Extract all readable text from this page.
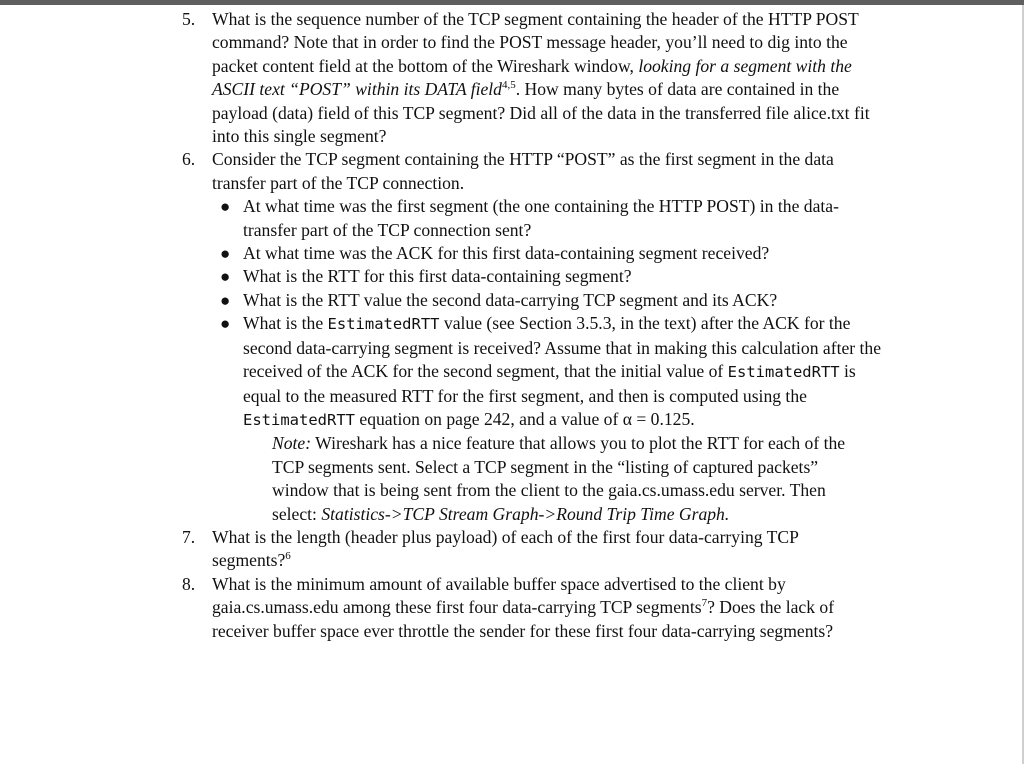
5. What is the sequence number of the TCP segment containing the header of the HTTP POST command? Note that in order to find the POST message header, you’ll need to dig into the packet content field at the bottom of the Wireshark window, looking for a segment with the ASCII text “POST” within its DATA field$^{4,5}$. How many bytes of data are contained in the payload (data) field of this TCP segment? Did all of the data in the transferred file alice.txt fit into this single segment?
6. Consider the TCP segment containing the HTTP “POST” as the first segment in the data transfer part of the TCP connection.
● At what time was the first segment (the one containing the HTTP POST) in the data-transfer part of the TCP connection sent?
● At what time was the ACK for this first data-containing segment received?
● What is the RTT for this first data-containing segment?
● What is the RTT value the second data-carrying TCP segment and its ACK?
● What is the EstimatedRTT value (see Section 3.5.3, in the text) after the ACK for the second data-carrying segment is received? Assume that in making this calculation after the received of the ACK for the second segment, that the initial value of EstimatedRTT is equal to the measured RTT for the first segment, and then is computed using the EstimatedRTT equation on page 242, and a value of α = 0.125.
Note: Wireshark has a nice feature that allows you to plot the RTT for each of the TCP segments sent. Select a TCP segment in the “listing of captured packets” window that is being sent from the client to the gaia.cs.umass.edu server. Then select: Statistics->TCP Stream Graph->Round Trip Time Graph.
7. What is the length (header plus payload) of each of the first four data-carrying TCP segments?$^6$
8. What is the minimum amount of available buffer space advertised to the client by gaia.cs.umass.edu among these first four data-carrying TCP segments$^7$? Does the lack of receiver buffer space ever throttle the sender for these first four data-carrying segments?
